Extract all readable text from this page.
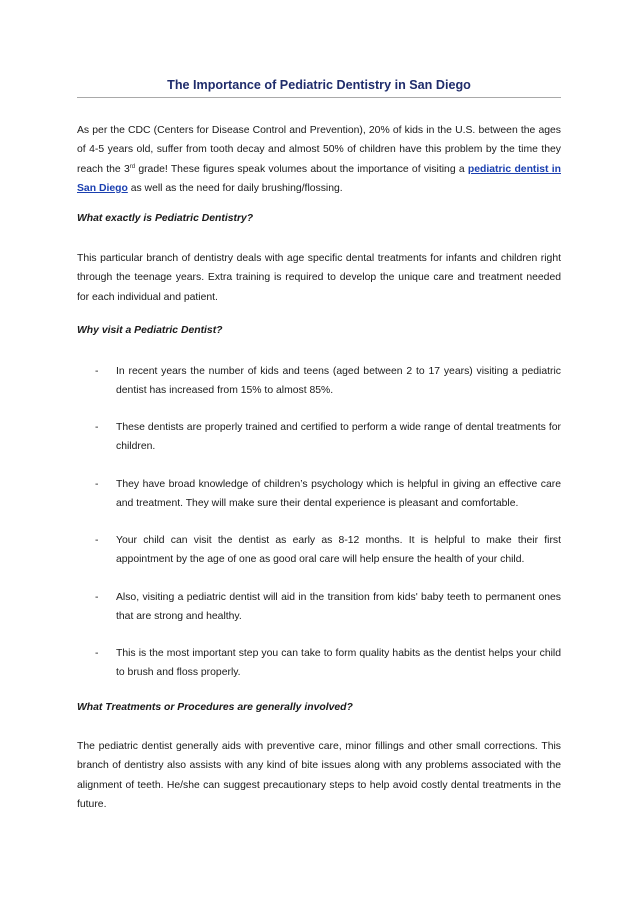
The Importance of Pediatric Dentistry in San Diego
As per the CDC (Centers for Disease Control and Prevention), 20% of kids in the U.S. between the ages of 4-5 years old, suffer from tooth decay and almost 50% of children have this problem by the time they reach the 3rd grade! These figures speak volumes about the importance of visiting a pediatric dentist in San Diego as well as the need for daily brushing/flossing.
What exactly is Pediatric Dentistry?
This particular branch of dentistry deals with age specific dental treatments for infants and children right through the teenage years. Extra training is required to develop the unique care and treatment needed for each individual and patient.
Why visit a Pediatric Dentist?
- In recent years the number of kids and teens (aged between 2 to 17 years) visiting a pediatric dentist has increased from 15% to almost 85%.
- These dentists are properly trained and certified to perform a wide range of dental treatments for children.
- They have broad knowledge of children’s psychology which is helpful in giving an effective care and treatment. They will make sure their dental experience is pleasant and comfortable.
- Your child can visit the dentist as early as 8-12 months. It is helpful to make their first appointment by the age of one as good oral care will help ensure the health of your child.
- Also, visiting a pediatric dentist will aid in the transition from kids' baby teeth to permanent ones that are strong and healthy.
- This is the most important step you can take to form quality habits as the dentist helps your child to brush and floss properly.
What Treatments or Procedures are generally involved?
The pediatric dentist generally aids with preventive care, minor fillings and other small corrections. This branch of dentistry also assists with any kind of bite issues along with any problems associated with the alignment of teeth. He/she can suggest precautionary steps to help avoid costly dental treatments in the future.
